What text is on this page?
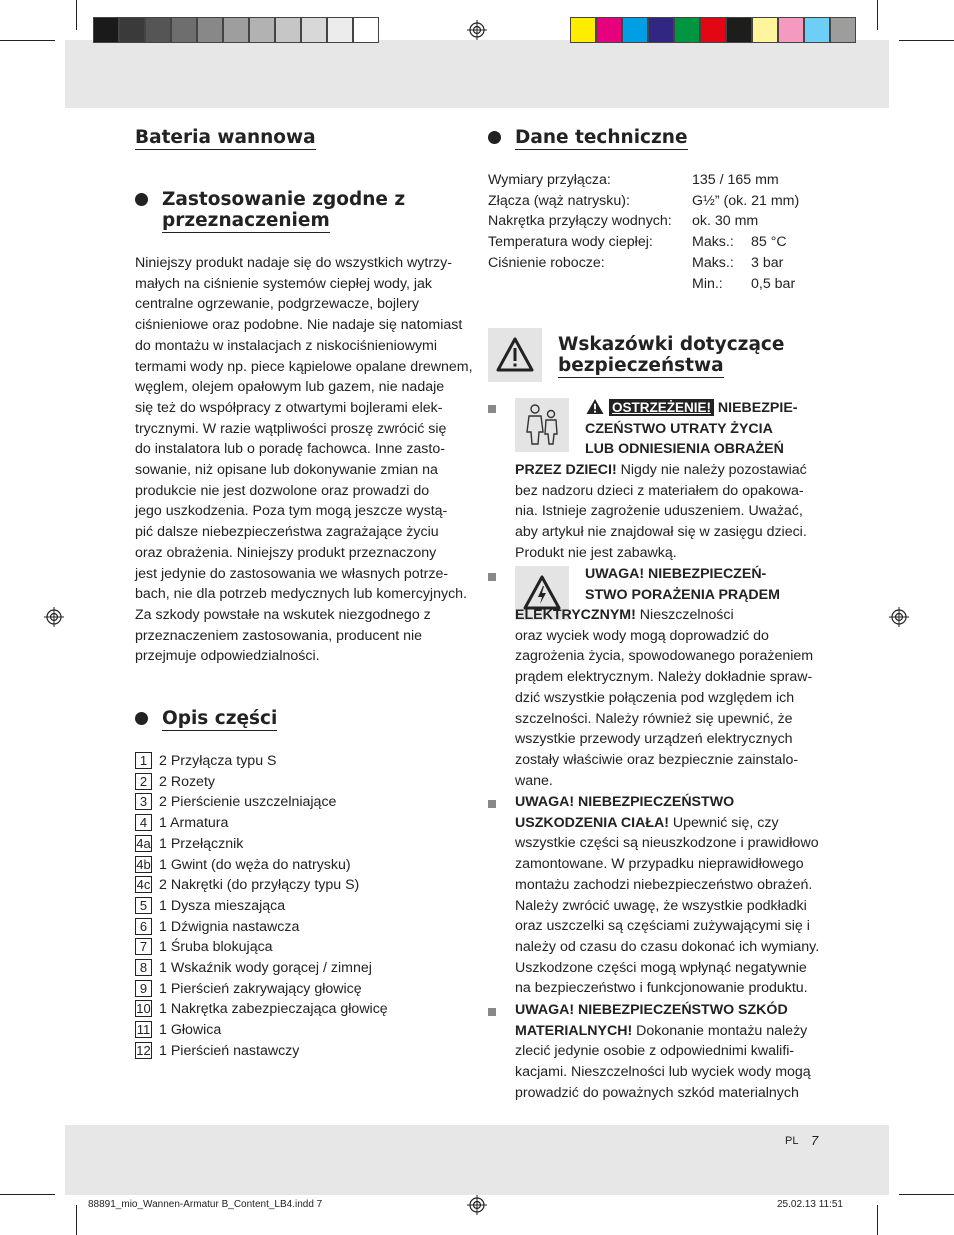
Bateria wannowa
Zastosowanie zgodne z
przeznaczeniem

Niniejszy produkt nadaje się do wszystkich wytrzy-

małych na ciśnienie systemów ciepłej wody, jak

centralne ogrzewanie, podgrzewacze, bojlery

ciśnieniowe oraz podobne. Nie nadaje się natomiast

do montażu w instalacjach z niskociśnieniowymi

termami wody np. piece kąpielowe opalane drewnem,

węglem, olejem opałowym lub gazem, nie nadaje

się też do współpracy z otwartymi bojlerami elek-

trycznymi. W razie wątpliwości proszę zwrócić się

do instalatora lub o poradę fachowca. Inne zasto-

sowanie, niż opisane lub dokonywanie zmian na

produkcie nie jest dozwolone oraz prowadzi do

jego uszkodzenia. Poza tym mogą jeszcze wystą-

pić dalsze niebezpieczeństwa zagrażające życiu

oraz obrażenia. Niniejszy produkt przeznaczony

jest jedynie do zastosowania we własnych potrze-

bach, nie dla potrzeb medycznych lub komercyjnych.

Za szkody powstałe na wskutek niezgodnego z

przeznaczeniem zastosowania, producent nie

przejmuje odpowiedzialności.

Opis części
1 2 Przyłącza typu S
2 2 Rozety
3 2 Pierścienie uszczelniające
4 1 Armatura
4a 1 Przełącznik
4b 1 Gwint (do węża do natrysku)
4c 2 Nakrętki (do przyłączy typu S)
5 1 Dysza mieszająca
6 1 Dźwignia nastawcza
7 1 Śruba blokująca
8 1 Wskaźnik wody gorącej / zimnej
9 1 Pierścień zakrywający głowicę
10 1 Nakrętka zabezpieczająca głowicę
11 1 Głowica
12 1 Pierścień nastawczy
Dane techniczne
Wymiary przyłącza:	135 / 165 mm
Złącza (wąż natrysku):	G½” (ok. 21 mm)
Nakrętka przyłączy wodnych: ok. 30 mm
Temperatura wody ciepłej:	Maks.: 85 °C
Ciśnienie robocze:	Maks.: 3 bar
Min.: 0,5 bar
Wskazówki dotyczące
bezpieczeństwa

OSTRZEŻENIE! NIEBEZPIE-

CZEŃSTWO UTRATY ŻYCIA

LUB ODNIESIENIA OBRAŻEŃ

PRZEZ DZIECI! Nigdy nie należy pozostawiać

bez nadzoru dzieci z materiałem do opakowa-

nia. Istnieje zagrożenie uduszeniem. Uważać,

aby artykuł nie znajdował się w zasięgu dzieci.

Produkt nie jest zabawką.

UWAGA! NIEBEZPIECZEŃ-

STWO PORAŻENIA PRĄDEM

ELEKTRYCZNYM! Nieszczelności

oraz wyciek wody mogą doprowadzić do

zagrożenia życia, spowodowanego porażeniem

prądem elektrycznym. Należy dokładnie spraw-

dzić wszystkie połączenia pod względem ich

szczelności. Należy również się upewnić, że

wszystkie przewody urządzeń elektrycznych

zostały właściwie oraz bezpiecznie zainstalo-

wane.

UWAGA! NIEBEZPIECZEŃSTWO

USZKODZENIA CIAŁA! Upewnić się, czy

wszystkie części są nieuszkodzone i prawidłowo

zamontowane. W przypadku nieprawidłowego

montażu zachodzi niebezpieczeństwo obrażeń.

Należy zwrócić uwagę, że wszystkie podkładki

oraz uszczelki są częściami zużywającymi się i

należy od czasu do czasu dokonać ich wymiany.

Uszkodzone części mogą wpłynąć negatywnie

na bezpieczeństwo i funkcjonowanie produktu.

UWAGA! NIEBEZPIECZEŃSTWO SZKÓD

MATERIALNYCH! Dokonanie montażu należy

zlecić jedynie osobie z odpowiednimi kwalifi-

kacjami. Nieszczelności lub wyciek wody mogą

prowadzić do poważnych szkód materialnych

PL 7
88891_mio_Wannen-Armatur B_Content_LB4.indd 7	25.02.13 11:51
